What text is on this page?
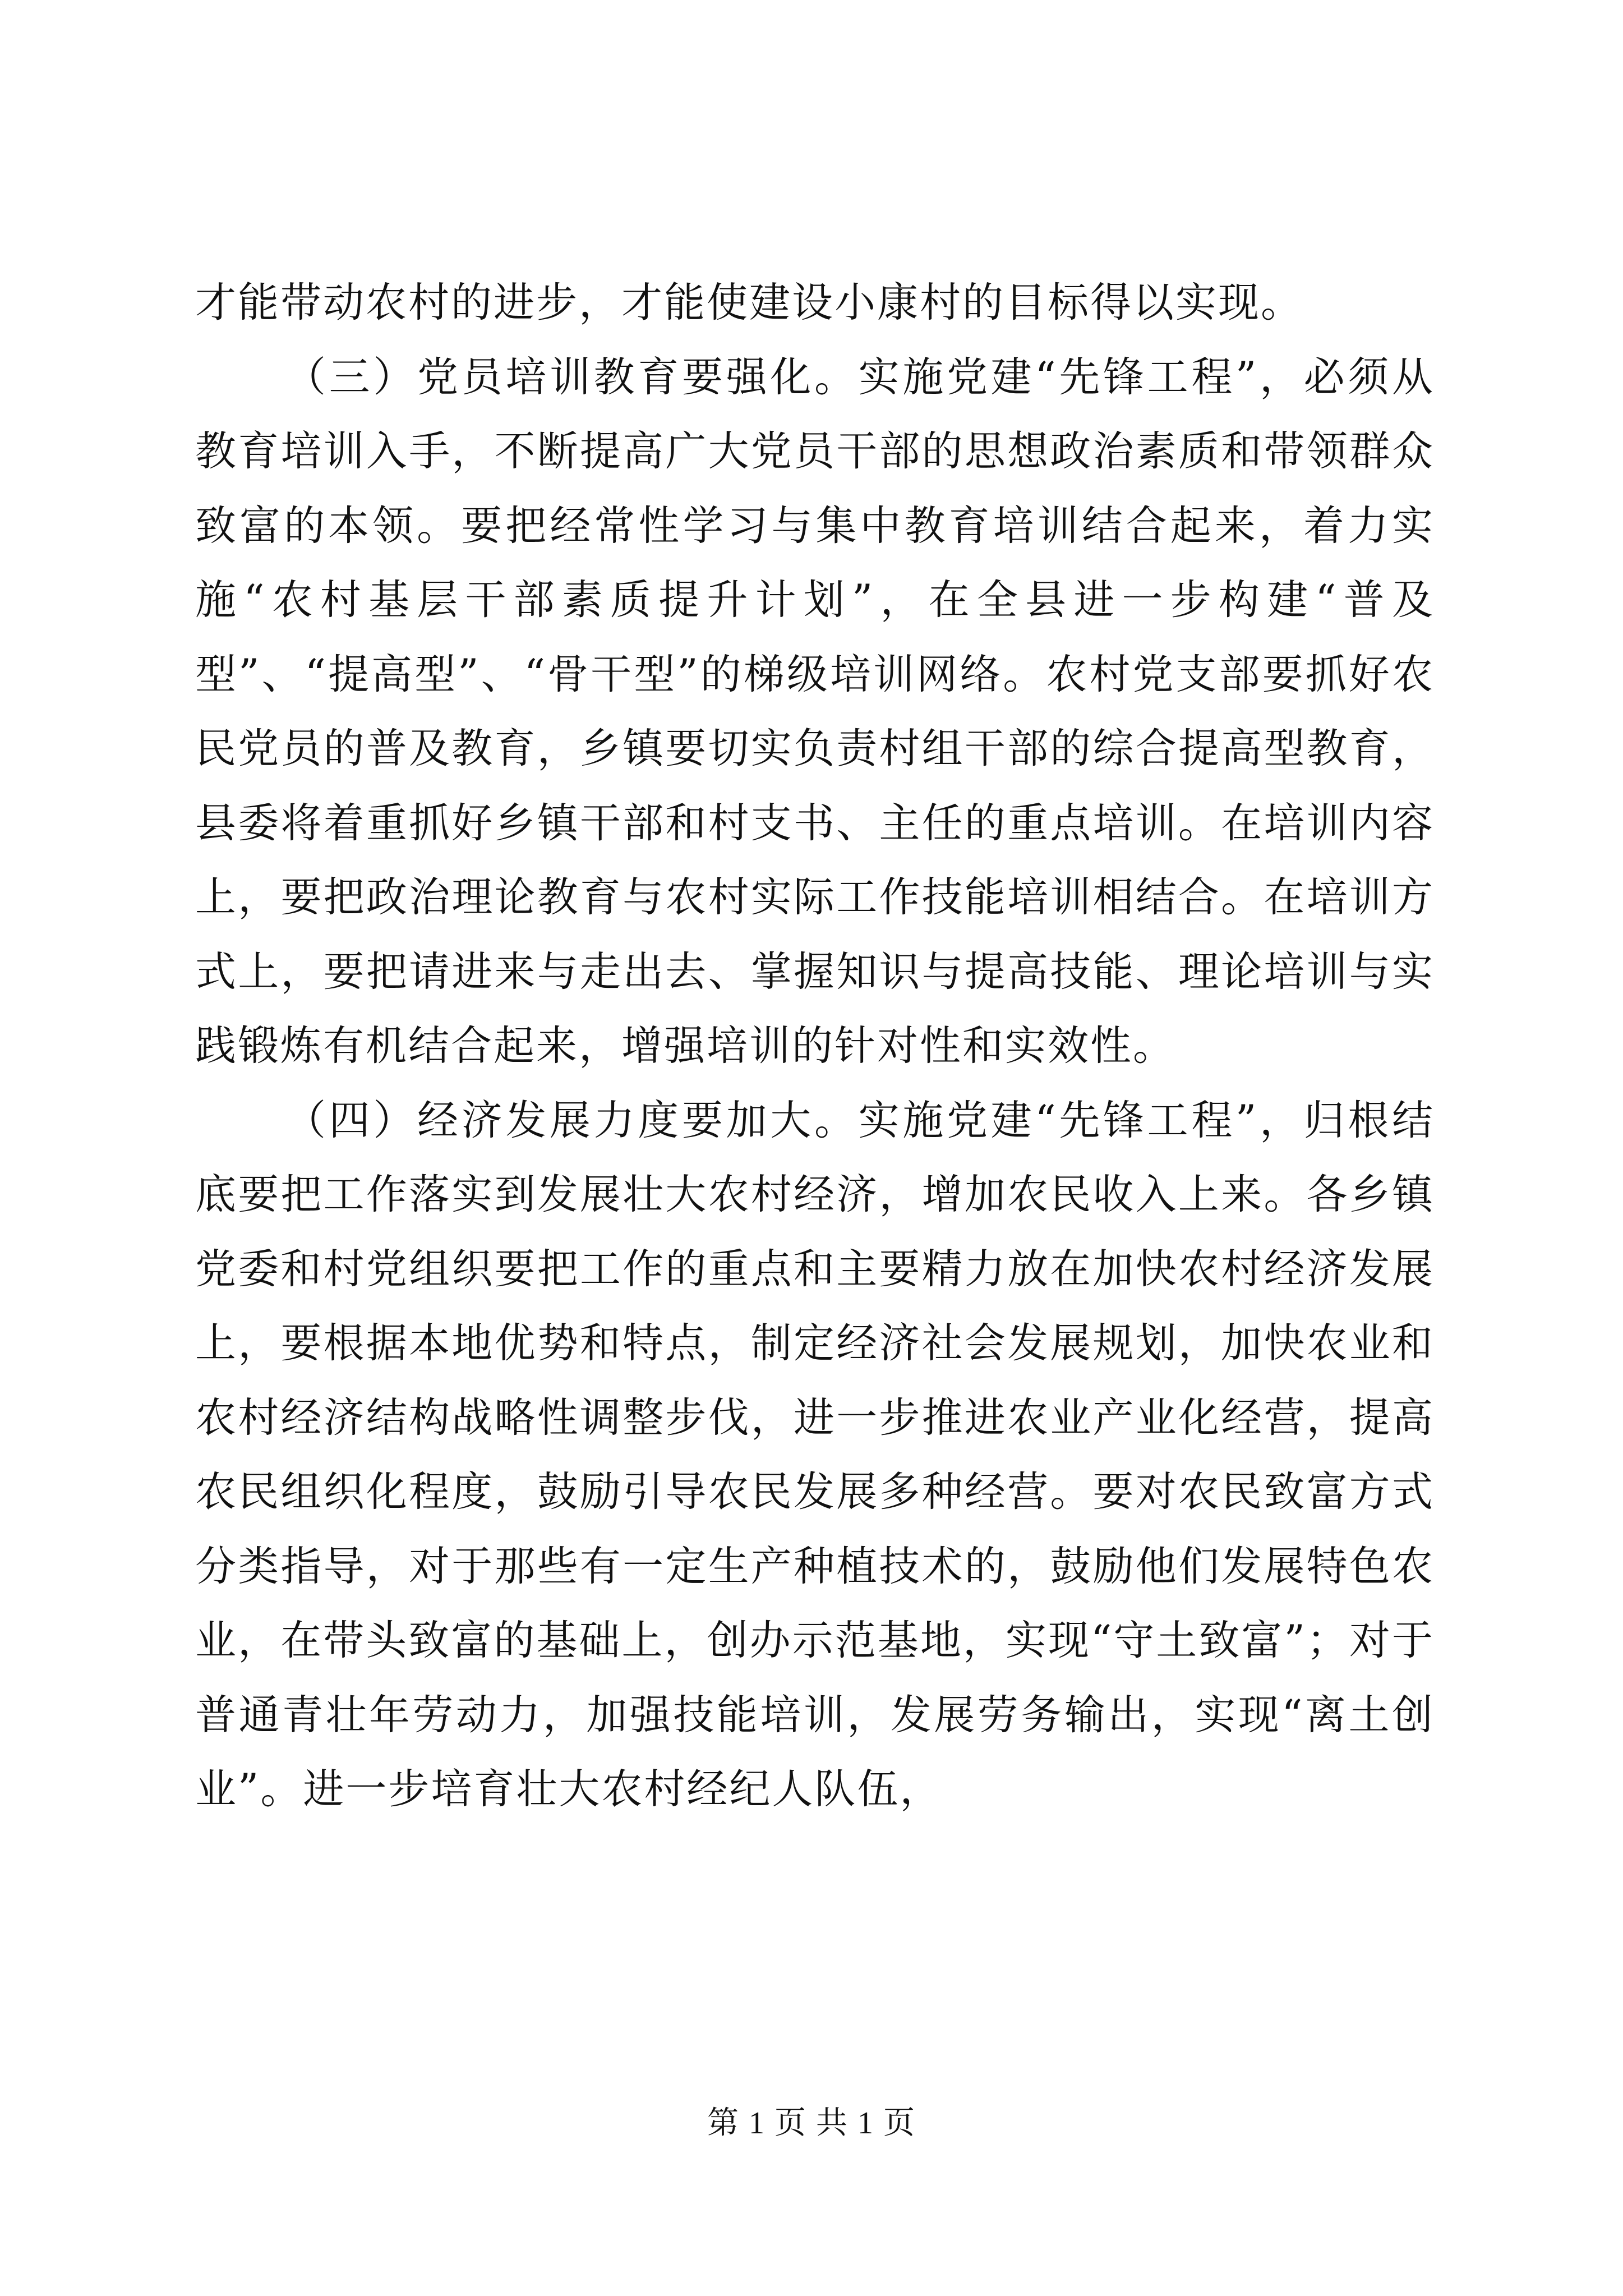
才能带动农村的进步，才能使建设小康村的目标得以实现。

（三）党员培训教育要强化。实施党建“先锋工程”，必须从教育培训入手，不断提高广大党员干部的思想政治素质和带领群众致富的本领。要把经常性学习与集中教育培训结合起来，着力实施“农村基层干部素质提升计划”，在全县进一步构建“普及型”、“提高型”、“骨干型”的梯级培训网络。农村党支部要抓好农民党员的普及教育，乡镇要切实负责村组干部的综合提高型教育，县委将着重抓好乡镇干部和村支书、主任的重点培训。在培训内容上，要把政治理论教育与农村实际工作技能培训相结合。在培训方式上，要把请进来与走出去、掌握知识与提高技能、理论培训与实践锻炼有机结合起来，增强培训的针对性和实效性。

（四）经济发展力度要加大。实施党建“先锋工程”，归根结底要把工作落实到发展壮大农村经济，增加农民收入上来。各乡镇党委和村党组织要把工作的重点和主要精力放在加快农村经济发展上，要根据本地优势和特点，制定经济社会发展规划，加快农业和农村经济结构战略性调整步伐，进一步推进农业产业化经营，提高农民组织化程度，鼓励引导农民发展多种经营。要对农民致富方式分类指导，对于那些有一定生产种植技术的，鼓励他们发展特色农业，在带头致富的基础上，创办示范基地，实现“守土致富”；对于普通青壮年劳动力，加强技能培训，发展劳务输出，实现“离土创业”。进一步培育壮大农村经纪人队伍，

第 1 页 共 1 页
